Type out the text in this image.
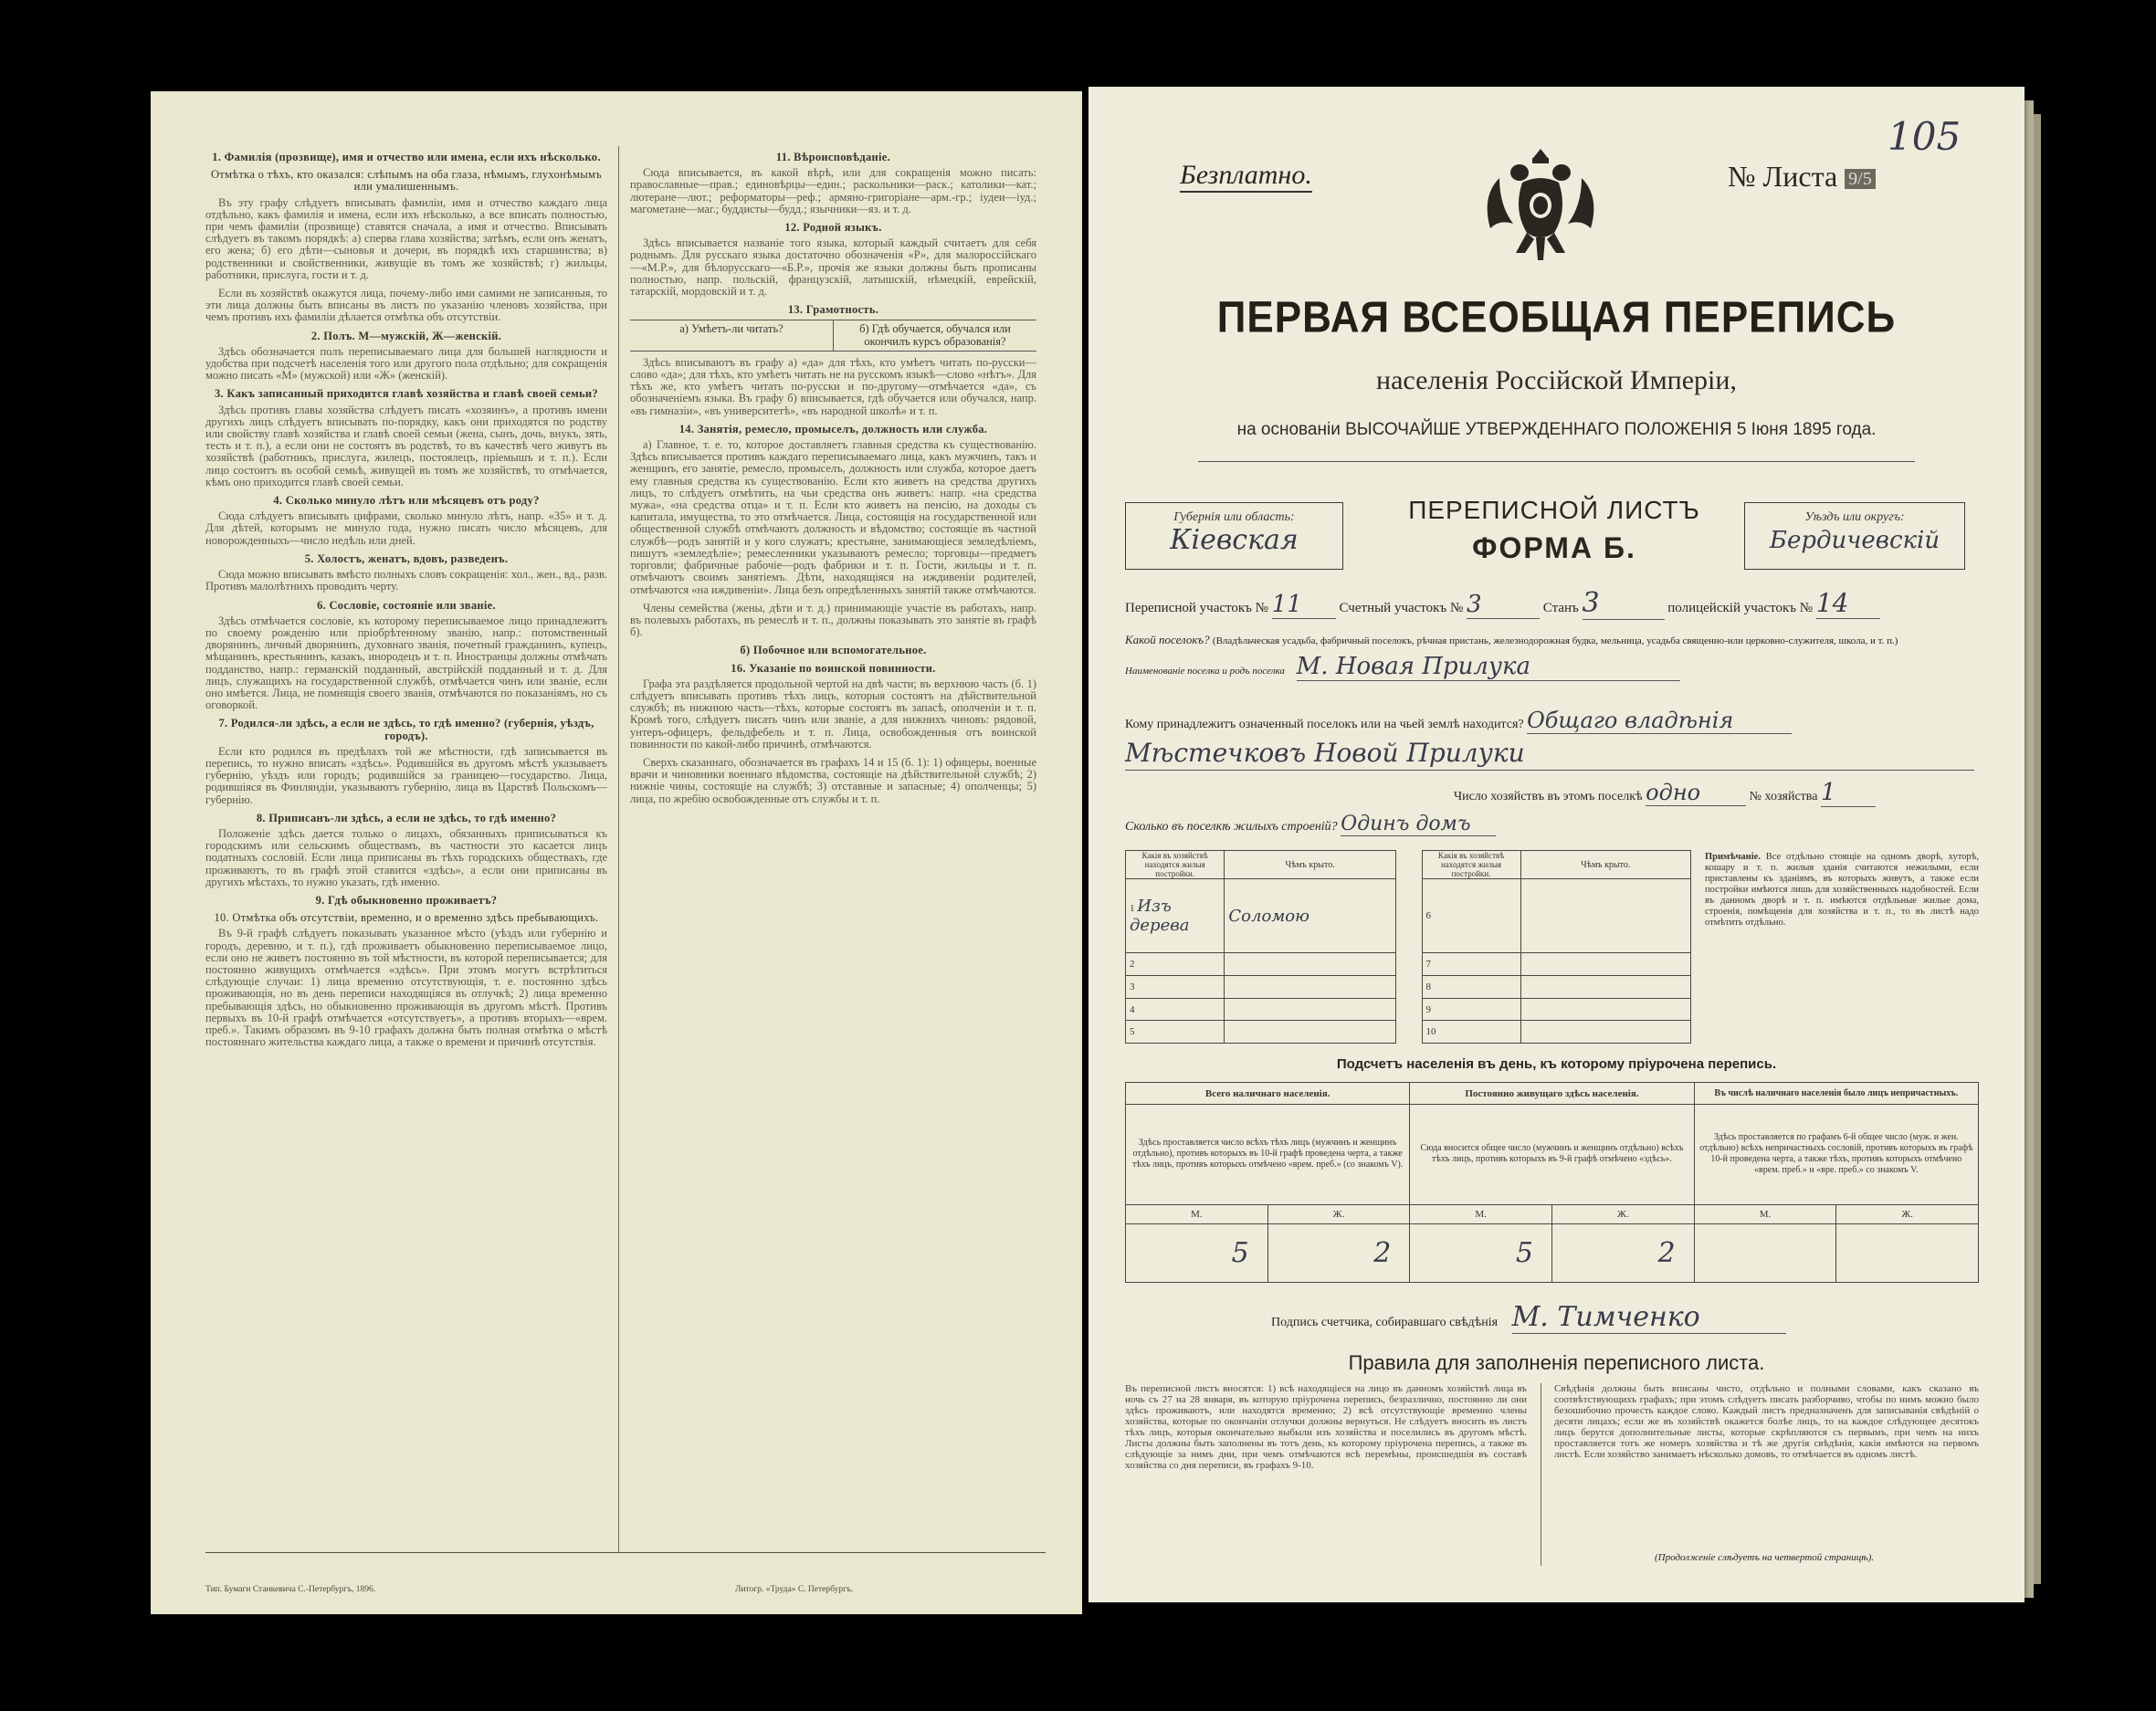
1. Фамилія (прозвище), имя и отчество или имена, если ихъ нѣсколько.
Отмѣтка о тѣхъ, кто оказался: слѣпымъ на оба глаза, нѣмымъ, глухонѣмымъ или умалишеннымъ.

Въ эту графу слѣдуетъ вписывать фамиліи, имя и отчество каждаго лица отдѣльно, какъ фамилія и имена, если ихъ нѣсколько, а все вписать полностью, при чемъ фамиліи (прозвище) ставятся сначала, а имя и отчество. Вписывать слѣдуетъ въ такомъ порядкѣ: а) сперва глава хозяйства; затѣмъ, если онъ женатъ, его жена; б) его дѣти—сыновья и дочери, въ порядкѣ ихъ старшинства; в) родственники и свойственники, живущіе въ томъ же хозяйствѣ; г) жильцы, работники, прислуга, гости и т. д.

Если въ хозяйствѣ окажутся лица, почему-либо ими самими не записанныя, то эти лица должны быть вписаны въ листъ по указанію членовъ хозяйства, при чемъ противъ ихъ фамиліи дѣлается отмѣтка объ отсутствіи.

2. Полъ. М—мужскій, Ж—женскій.

Здѣсь обозначается полъ переписываемаго лица для большей наглядности и удобства при подсчетѣ населенія того или другого пола отдѣльно; для сокращенія можно писать «М» (мужской) или «Ж» (женскій).

3. Какъ записанный приходится главѣ хозяйства и главѣ своей семьи?

Здѣсь противъ главы хозяйства слѣдуетъ писать «хозяинъ», а противъ имени другихъ лицъ слѣдуетъ вписывать по-порядку, какъ они приходятся по родству или свойству главѣ хозяйства и главѣ своей семьи (жена, сынъ, дочь, внукъ, зять, тесть и т. п.), а если они не состоятъ въ родствѣ, то въ качествѣ чего живутъ въ хозяйствѣ (работникъ, прислуга, жилецъ, постоялецъ, пріемышъ и т. п.). Если лицо состоитъ въ особой семьѣ, живущей въ томъ же хозяйствѣ, то отмѣчается, кѣмъ оно приходится главѣ своей семьи.

4. Сколько минуло лѣтъ или мѣсяцевъ отъ роду?

Сюда слѣдуетъ вписывать цифрами, сколько минуло лѣтъ, напр. «35» и т. д. Для дѣтей, которымъ не минуло года, нужно писать число мѣсяцевъ, для новорожденныхъ—число недѣль или дней.

5. Холостъ, женатъ, вдовъ, разведенъ.

Сюда можно вписывать вмѣсто полныхъ словъ сокращенія: хол., жен., вд., разв. Противъ малолѣтнихъ проводить черту.

6. Сословіе, состояніе или званіе.

Здѣсь отмѣчается сословіе, къ которому переписываемое лицо принадлежитъ по своему рожденію или пріобрѣтенному званію, напр.: потомственный дворянинъ, личный дворянинъ, духовнаго званія, почетный гражданинъ, купецъ, мѣщанинъ, крестьянинъ, казакъ, инородецъ и т. п. Иностранцы должны отмѣчать подданство, напр.: германскій подданный, австрійскій подданный и т. д. Для лицъ, служащихъ на государственной службѣ, отмѣчается чинъ или званіе, если оно имѣется. Лица, не помнящія своего званія, отмѣчаются по показаніямъ, но съ оговоркой.

7. Родился-ли здѣсь, а если не здѣсь, то гдѣ именно? (губернія, уѣздъ, городъ).

Если кто родился въ предѣлахъ той же мѣстности, гдѣ записывается въ перепись, то нужно вписать «здѣсь». Родившійся въ другомъ мѣстѣ указываетъ губернію, уѣздъ или городъ; родившійся за границею—государство. Лица, родившіяся въ Финляндіи, указываютъ губернію, лица въ Царствѣ Польскомъ—губернію.

8. Приписанъ-ли здѣсь, а если не здѣсь, то гдѣ именно?

Положеніе здѣсь дается только о лицахъ, обязанныхъ приписываться къ городскимъ или сельскимъ обществамъ, въ частности это касается лицъ податныхъ сословій. Если лица приписаны въ тѣхъ городскихъ обществахъ, где проживаютъ, то въ графѣ этой ставится «здѣсь», а если они приписаны въ другихъ мѣстахъ, то нужно указать, гдѣ именно.

9. Гдѣ обыкновенно проживаетъ?
10. Отмѣтка объ отсутствіи, временно, и о временно здѣсь пребывающихъ.

Въ 9-й графѣ слѣдуетъ показывать указанное мѣсто (уѣздъ или губернію и городъ, деревню, и т. п.), гдѣ проживаетъ обыкновенно переписываемое лицо, если оно не живетъ постоянно въ той мѣстности, въ которой переписывается; для постоянно живущихъ отмѣчается «здѣсь». При этомъ могутъ встрѣтиться слѣдующіе случаи: 1) лица временно отсутствующія, т. е. постоянно здѣсь проживающія, но въ день переписи находящіяся въ отлучкѣ; 2) лица временно пребывающія здѣсь, но обыкновенно проживающія въ другомъ мѣстѣ. Противъ первыхъ въ 10-й графѣ отмѣчается «отсутствуетъ», а противъ вторыхъ—«врем. преб.». Такимъ образомъ въ 9-10 графахъ должна быть полная отмѣтка о мѣстѣ постояннаго жительства каждаго лица, а также о времени и причинѣ отсутствія.

11. Вѣроисповѣданіе.

Сюда вписывается, въ какой вѣрѣ, или для сокращенія можно писать: православные—прав.; единовѣрцы—един.; раскольники—раск.; католики—кат.; лютеране—лют.; реформаторы—реф.; армяно-григоріане—арм.-гр.; іудеи—іуд.; магометане—маг.; буддисты—будд.; язычники—яз. и т. д.

12. Родной языкъ.

Здѣсь вписывается названіе того языка, который каждый считаетъ для себя роднымъ. Для русскаго языка достаточно обозначенія «Р», для малороссійскаго—«М.Р.», для бѣлорусскаго—«Б.Р.», прочія же языки должны быть прописаны полностью, напр. польскій, французскій, латышскій, нѣмецкій, еврейскій, татарскій, мордовскій и т. д.

13. Грамотность.
а) Умѣетъ-ли читать?	б) Гдѣ обучается, обучался или окончилъ курсъ образованія?

Здѣсь вписываютъ въ графу а) «да» для тѣхъ, кто умѣетъ читать по-русски—слово «да»; для тѣхъ, кто умѣетъ читать не на русскомъ языкѣ—слово «нѣтъ». Для тѣхъ же, кто умѣетъ читать по-русски и по-другому—отмѣчается «да», съ обозначеніемъ языка. Въ графу б) вписывается, гдѣ обучается или обучался, напр. «въ гимназіи», «въ университетѣ», «въ народной школѣ» и т. п.

14. Занятія, ремесло, промыселъ, должность или служба.

а) Главное, т. е. то, которое доставляетъ главныя средства къ существованію. Здѣсь вписывается противъ каждаго переписываемаго лица, какъ мужчинъ, такъ и женщинъ, его занятіе, ремесло, промыселъ, должность или служба, которое даетъ ему главныя средства къ существованію. Если кто живетъ на средства другихъ лицъ, то слѣдуетъ отмѣтить, на чьи средства онъ живетъ: напр. «на средства мужа», «на средства отца» и т. п. Если кто живетъ на пенсію, на доходы съ капитала, имущества, то это отмѣчается. Лица, состоящія на государственной или общественной службѣ отмѣчаютъ должность и вѣдомство; состоящіе въ частной службѣ—родъ занятій и у кого служатъ; крестьяне, занимающіеся земледѣліемъ, пишутъ «земледѣліе»; ремесленники указываютъ ремесло; торговцы—предметъ торговли; фабричные рабочіе—родъ фабрики и т. п. Гости, жильцы и т. п. отмѣчаютъ своимъ занятіемъ. Дѣти, находящіяся на иждивеніи родителей, отмѣчаются «на иждивеніи». Лица безъ опредѣленныхъ занятій также отмѣчаются.

Члены семейства (жены, дѣти и т. д.) принимающіе участіе въ работахъ, напр. въ полевыхъ работахъ, въ ремеслѣ и т. п., должны показывать это занятіе въ графѣ б).

б) Побочное или вспомогательное.
16. Указаніе по воинской повинности.

Графа эта раздѣляется продольной чертой на двѣ части; въ верхнюю часть (б. 1) слѣдуетъ вписывать противъ тѣхъ лицъ, которыя состоятъ на дѣйствительной службѣ; въ нижнюю часть—тѣхъ, которые состоятъ въ запасѣ, ополченіи и т. п. Кромѣ того, слѣдуетъ писать чинъ или званіе, а для нижнихъ чиновъ: рядовой, унтеръ-офицеръ, фельдфебель и т. п. Лица, освобожденныя отъ воинской повинности по какой-либо причинѣ, отмѣчаются.

Сверхъ сказаннаго, обозначается въ графахъ 14 и 15 (б. 1): 1) офицеры, военные врачи и чиновники военнаго вѣдомства, состоящіе на дѣйствительной службѣ; 2) нижніе чины, состоящіе на службѣ; 3) отставные и запасные; 4) ополченцы; 5) лица, по жребію освобожденные отъ службы и т. п.

Тип. Бумаги Станкевича С.-Петербургъ, 1896.	Литогр. «Труда» С. Петербургъ.
Безплатно.	№ Листа 9/5
105
ПЕРВАЯ ВСЕОБЩАЯ ПЕРЕПИСЬ
населенія Россійской Имперіи,
на основаніи ВЫСОЧАЙШЕ УТВЕРЖДЕННАГО ПОЛОЖЕНІЯ 5 Іюня 1895 года.
Губернія или область:
Кіевская
ПЕРЕПИСНОЙ ЛИСТЪ
ФОРМА Б.
Уѣздъ или округъ:
Бердичевскій
Переписной участокъ № 11	Счетный участокъ № 3	Станъ 3	полицейскій участокъ № 14
Какой поселокъ? (Владѣльческая усадьба, фабричный поселокъ, рѣчная пристань, железнодорожная будка, мельница, усадьба священно-или церковно-служителя, школа, и т. п.)
Наименованіе поселка и родъ поселка М. Новая Прилука
Кому принадлежитъ означенный поселокъ или на чьей землѣ находится? Общаго владѣнія
Мѣстечковъ Новой Прилуки
Число хозяйствъ въ этомъ поселкѣ одно	№ хозяйства 1
Сколько въ поселкѣ жилыхъ строеній? Одинъ домъ
Какія въ хозяйствѣ находятся жилыя постройки.	Чѣмъ крыто.		Какія въ хозяйствѣ находятся жилыя постройки.	Чѣмъ крыто.
1 Изъ дерева	Соломою		6	
2			7	
3			8	
4			9	
5			10	
Примѣчаніе. Все отдѣльно стоящіе на одномъ дворѣ, хуторѣ, кошару и т. п. жилыя зданія считаются нежилыми, если приставлены къ зданіямъ, въ которыхъ живутъ, а также если постройки имѣются лишь для хозяйственныхъ надобностей. Если въ данномъ дворѣ и т. п. имѣются отдѣльные жилые дома, строенія, помѣщенія для хозяйства и т. п., то въ листѣ надо отмѣтить отдѣльно.
Подсчетъ населенія въ день, къ которому пріурочена перепись.
Всего наличнаго населенія.		Постоянно живущаго здѣсь населенія.		Въ числѣ наличнаго населенія было лицъ непричастныхъ.	
Здѣсь проставляется число всѣхъ тѣхъ лицъ (мужчинъ и женщинъ отдѣльно), противъ которыхъ въ 10-й графѣ проведена черта, а также тѣхъ лицъ, противъ которыхъ отмѣчено «врем. преб.» (со знакомъ V).		Сюда вносится общее число (мужчинъ и женщинъ отдѣльно) всѣхъ тѣхъ лицъ, противъ которыхъ въ 9-й графѣ отмѣчено «здѣсь».		Здѣсь проставляется по графамъ 6-й общее число (муж. и жен. отдѣльно) всѣхъ непричастныхъ сословій, противъ которыхъ въ графѣ 10-й проведена черта, а также тѣхъ, противъ которыхъ отмѣчено «врем. преб.» и «вре. преб.» со знакомъ V.	
М.	Ж.	М.	Ж.	М.	Ж.
5	2	5	2		
Подпись счетчика, собиравшаго свѣдѣнія М. Тимченко
Правила для заполненія переписного листа.
Въ переписной листъ вносятся: 1) всѣ находящіеся на лицо въ данномъ хозяйствѣ лица въ ночь съ 27 на 28 января, въ которую пріурочена перепись, безразлично, постоянно ли они здѣсь проживаютъ, или находятся временно; 2) всѣ отсутствующіе временно члены хозяйства, которые по окончаніи отлучки должны вернуться. Не слѣдуетъ вносить въ листъ тѣхъ лицъ, которыя окончательно выбыли изъ хозяйства и поселились въ другомъ мѣстѣ. Листы должны быть заполнены въ тотъ день, къ которому пріурочена перепись, а также въ слѣдующіе за нимъ дни, при чемъ отмѣчаются всѣ перемѣны, происшедшія въ составѣ хозяйства со дня переписи, въ графахъ 9-10.
Свѣдѣнія должны быть вписаны чисто, отдѣльно и полными словами, какъ сказано въ соотвѣтствующихъ графахъ; при этомъ слѣдуетъ писать разборчиво, чтобы по нимъ можно было безошибочно прочесть каждое слово. Каждый листъ предназначенъ для записыванія свѣдѣній о десяти лицахъ; если же въ хозяйствѣ окажется болѣе лицъ, то на каждое слѣдующее десятокъ лицъ берутся дополнительные листы, которые скрѣпляются съ первымъ, при чемъ на нихъ проставляется тотъ же номеръ хозяйства и тѣ же другія свѣдѣнія, какія имѣются на первомъ листѣ. Если хозяйство занимаетъ нѣсколько домовъ, то отмѣчается въ одномъ листѣ.
(Продолженіе слѣдуетъ на четвертой страницѣ).
